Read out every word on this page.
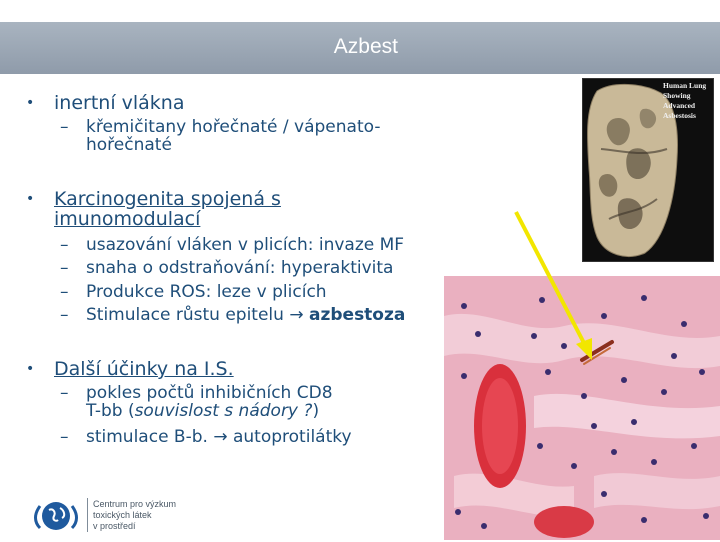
Azbest
• inertní vlákna
– křemičitany hořečnaté / vápenato-
hořečnaté
• Karcinogenita spojená s
imunomodulací
– usazování vláken v plicích: invaze MF
– snaha o odstraňování: hyperaktivita
– Produkce ROS: leze v plicích
– Stimulace růstu epitelu → azbestoza
• Další účinky na I.S.
– pokles počtů inhibičních CD8
T-bb (souvislost s nádory ?)
– stimulace B-b. → autoprotilátky
Human Lung
Showing
Advanced
Asbestosis
Centrum pro výzkum
toxických látek
v prostředí
